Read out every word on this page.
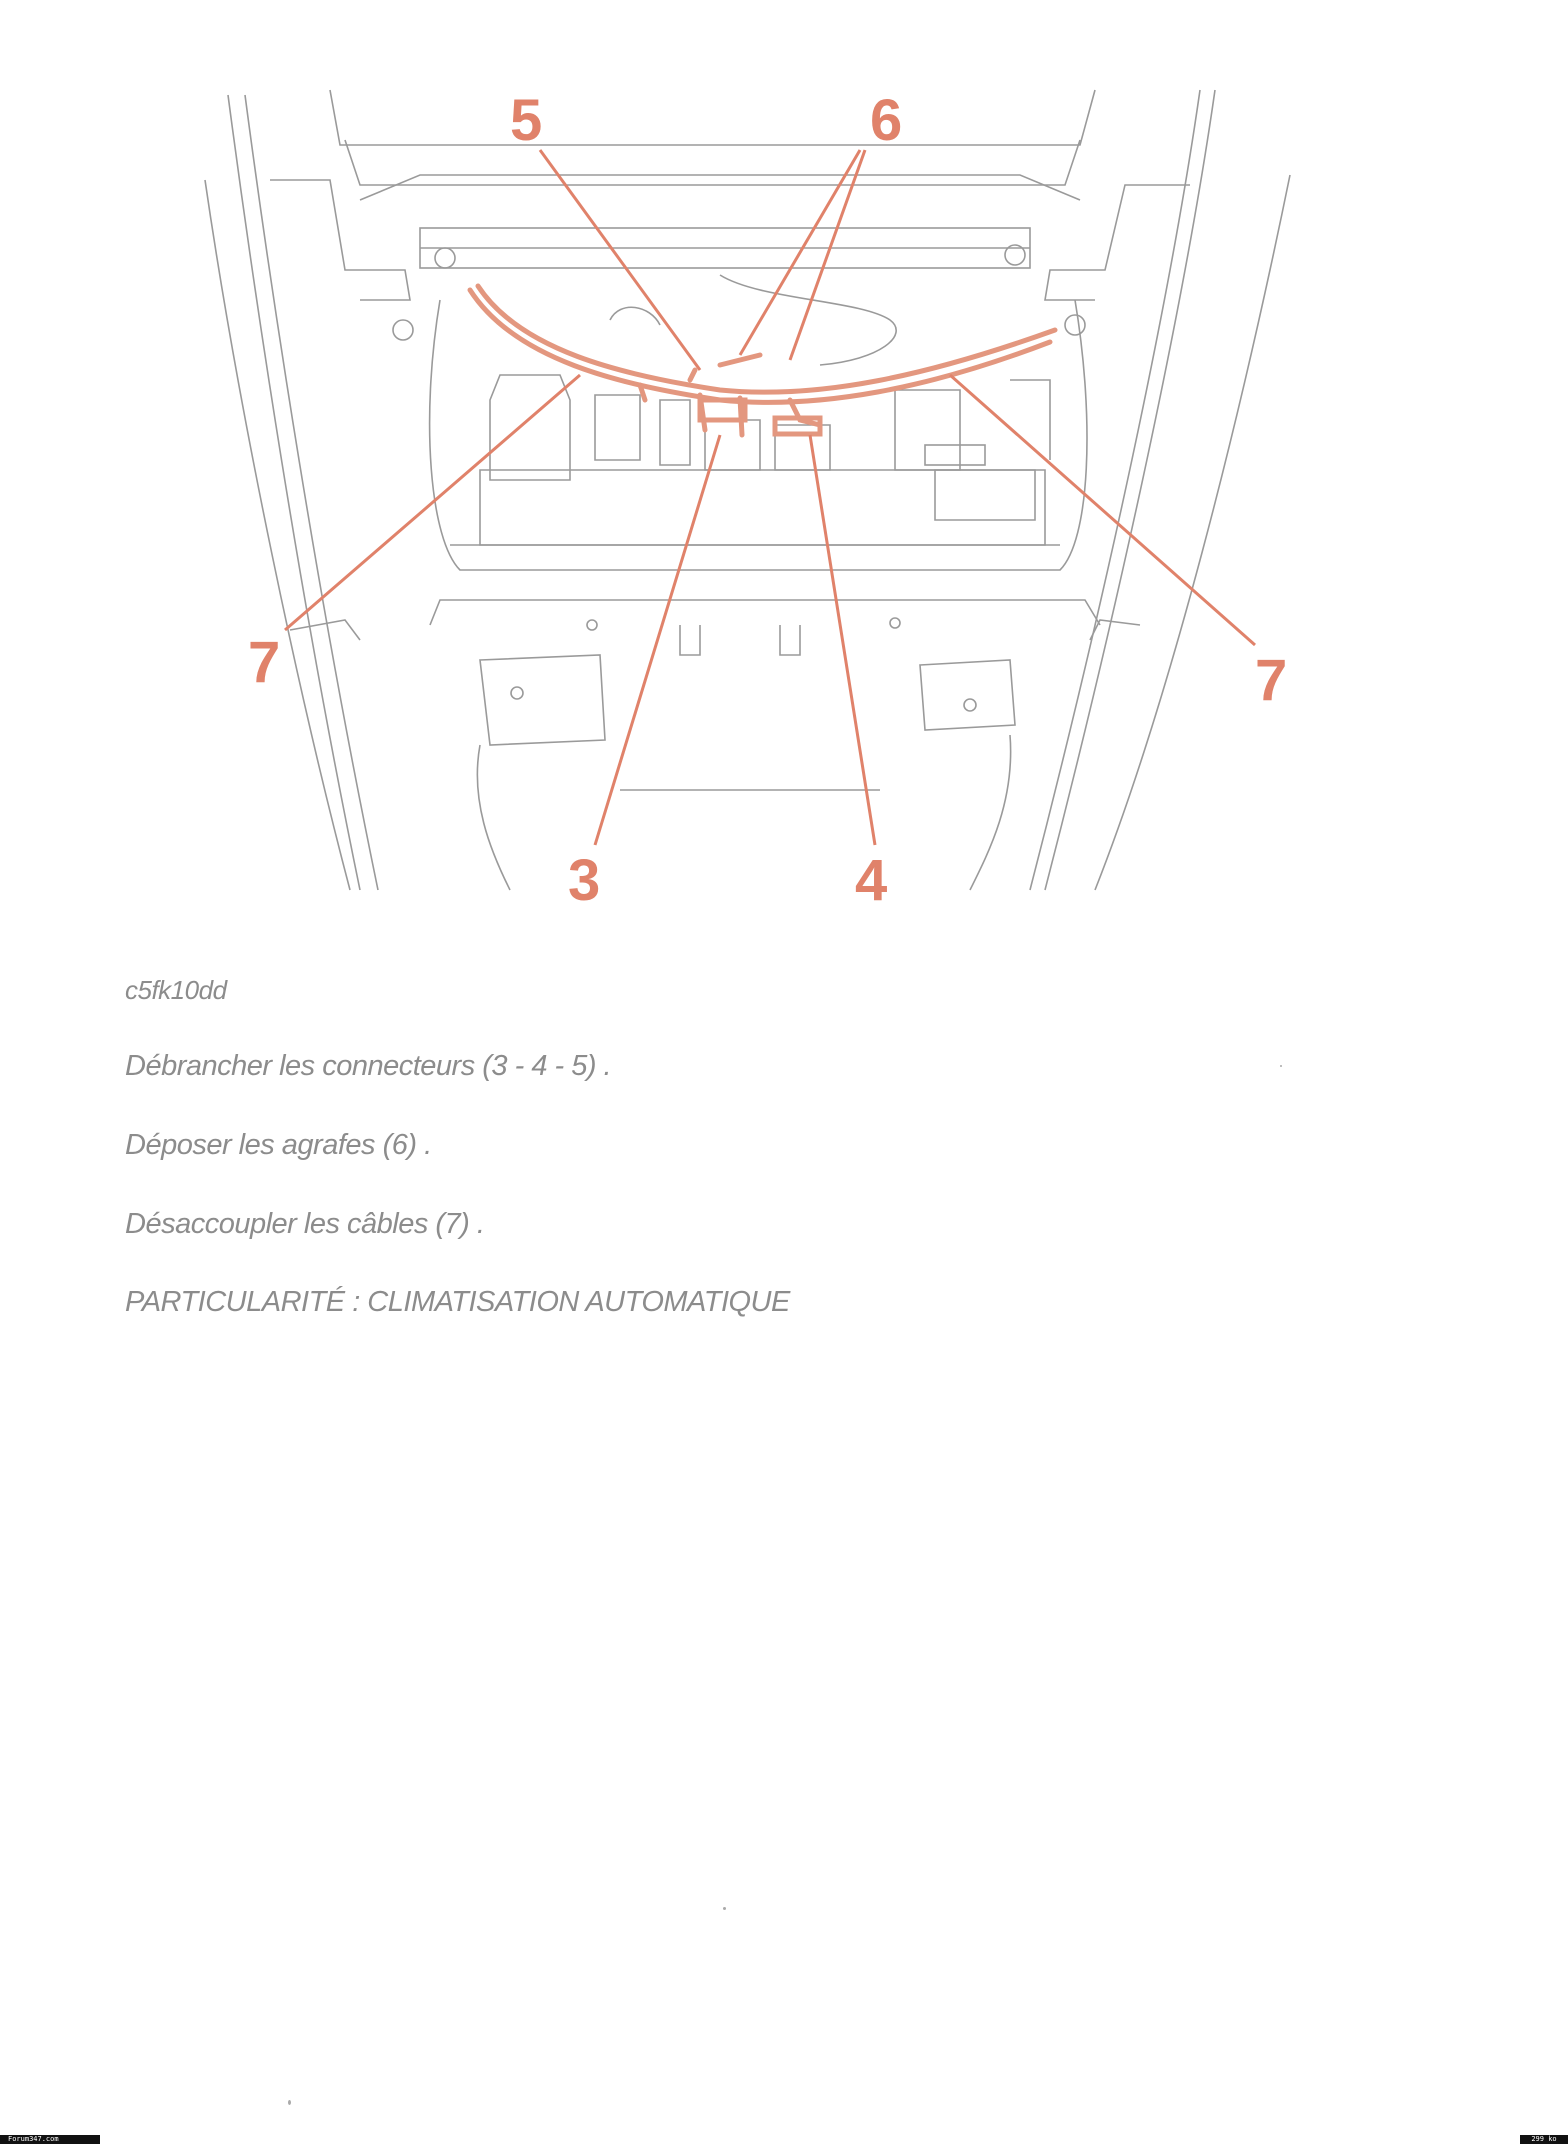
5	6
7	7
3	4
c5fk10dd
Débrancher les connecteurs (3 - 4 - 5) .
Déposer les agrafes (6) .
Désaccoupler les câbles (7) .
PARTICULARITÉ : CLIMATISATION AUTOMATIQUE
Forum347.com	299 ko
